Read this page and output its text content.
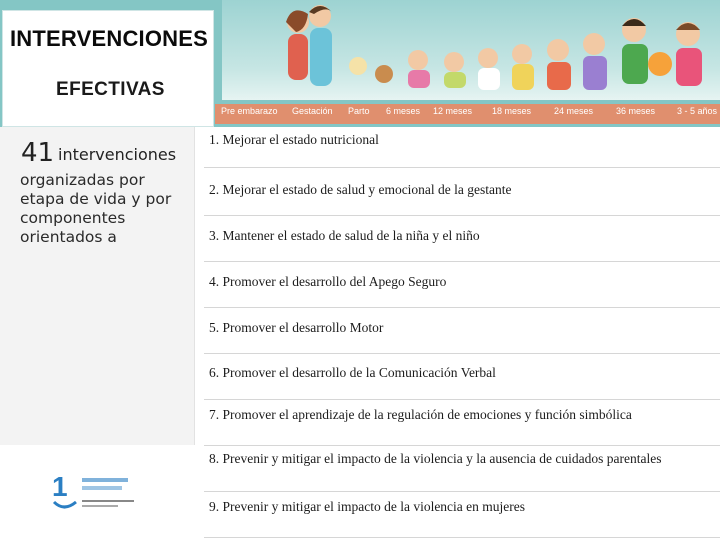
INTERVENCIONES
EFECTIVAS
Pre embarazo Gestación Parto 6 meses 12 meses 18 meses	24 meses	36 meses 3 - 5 años
41 intervenciones
organizadas por etapa de vida y por componentes orientados a
1
1. Mejorar el estado nutricional
2. Mejorar el estado de salud y emocional de la gestante
3. Mantener el estado de salud de la niña y el niño
4. Promover el desarrollo del Apego Seguro
5. Promover el desarrollo Motor
6. Promover el desarrollo de la Comunicación Verbal
7. Promover el aprendizaje de la regulación de emociones y función simbólica
8. Prevenir y mitigar el impacto de la violencia y la ausencia de cuidados parentales
9. Prevenir y mitigar el impacto de la violencia en mujeres
